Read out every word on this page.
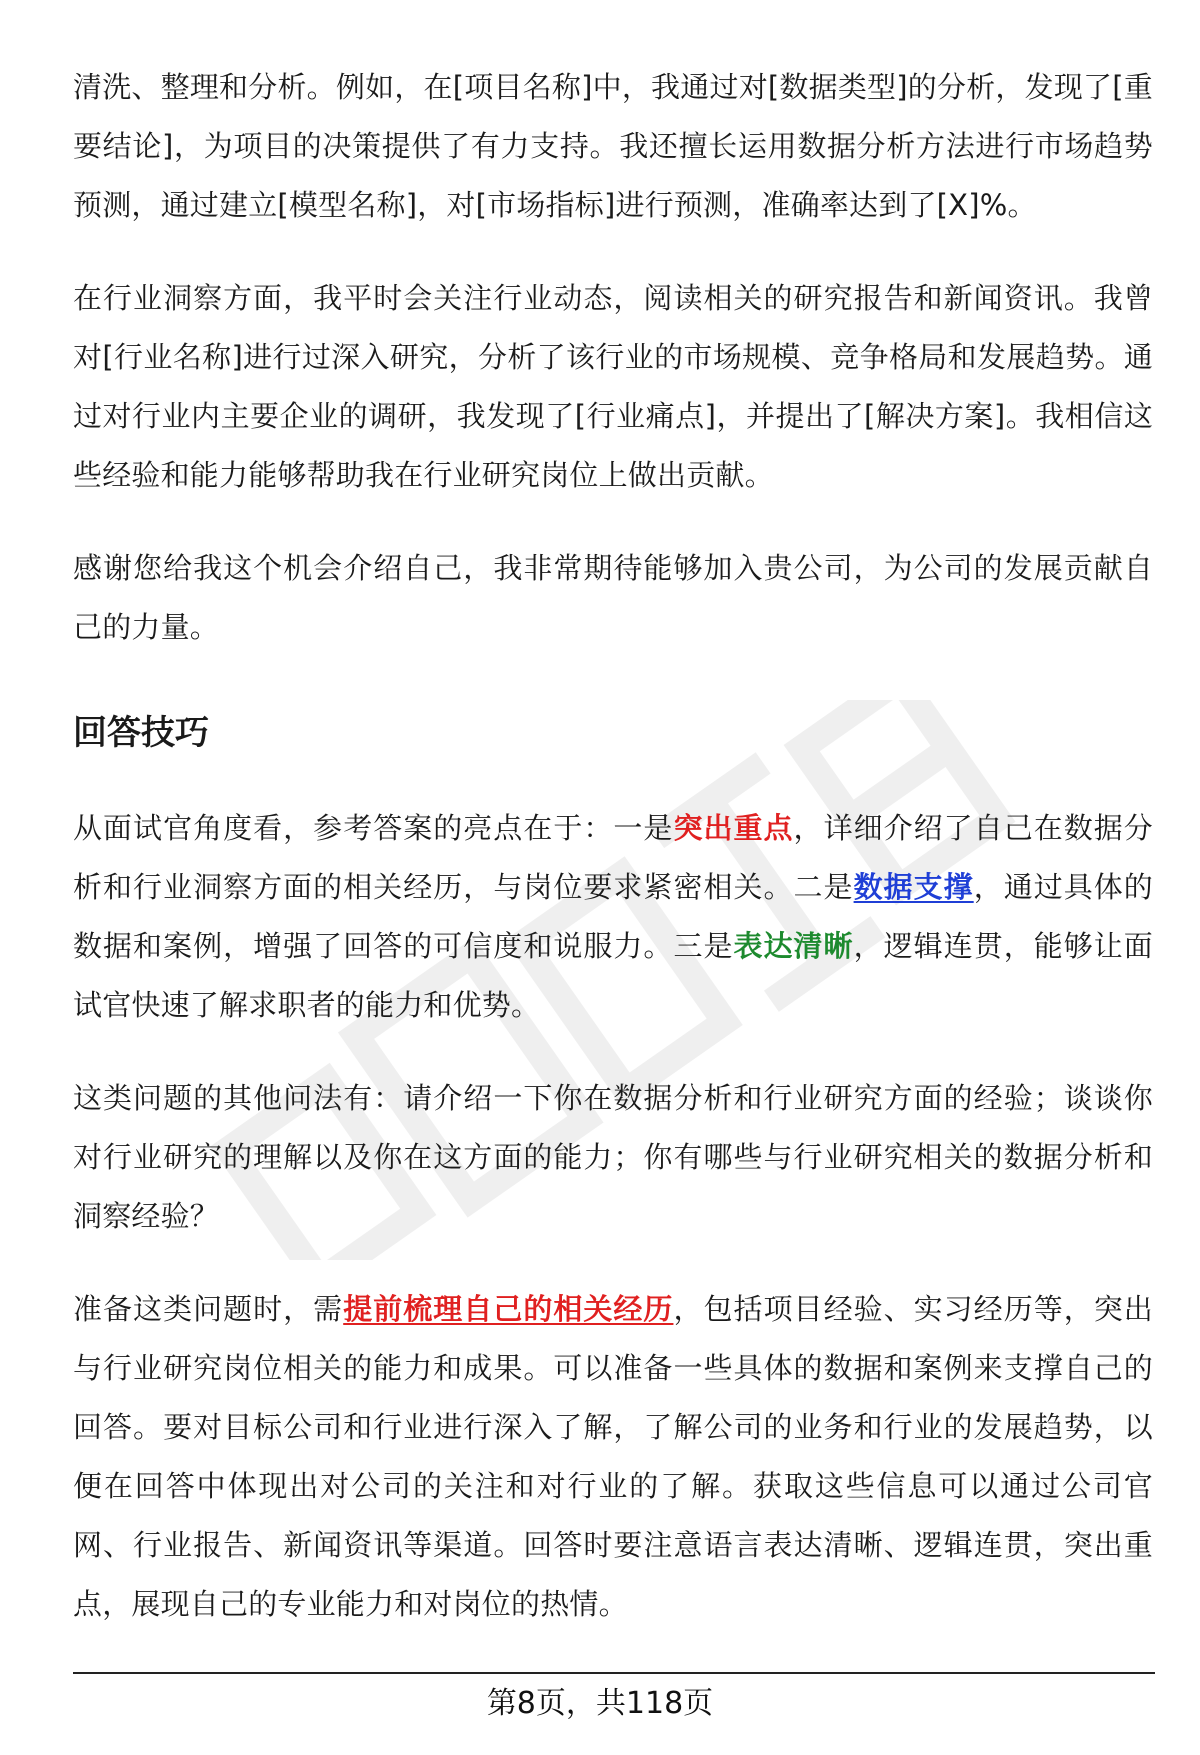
清洗、整理和分析。例如，在[项目名称]中，我通过对[数据类型]的分析，发现了[重要结论]，为项目的决策提供了有力支持。我还擅长运用数据分析方法进行市场趋势预测，通过建立[模型名称]，对[市场指标]进行预测，准确率达到了[X]%。

在行业洞察方面，我平时会关注行业动态，阅读相关的研究报告和新闻资讯。我曾对[行业名称]进行过深入研究，分析了该行业的市场规模、竞争格局和发展趋势。通过对行业内主要企业的调研，我发现了[行业痛点]，并提出了[解决方案]。我相信这些经验和能力能够帮助我在行业研究岗位上做出贡献。

感谢您给我这个机会介绍自己，我非常期待能够加入贵公司，为公司的发展贡献自己的力量。

回答技巧

从面试官角度看，参考答案的亮点在于：一是突出重点，详细介绍了自己在数据分析和行业洞察方面的相关经历，与岗位要求紧密相关。二是数据支撑，通过具体的数据和案例，增强了回答的可信度和说服力。三是表达清晰，逻辑连贯，能够让面试官快速了解求职者的能力和优势。

这类问题的其他问法有：请介绍一下你在数据分析和行业研究方面的经验；谈谈你对行业研究的理解以及你在这方面的能力；你有哪些与行业研究相关的数据分析和洞察经验？

准备这类问题时，需提前梳理自己的相关经历，包括项目经验、实习经历等，突出与行业研究岗位相关的能力和成果。可以准备一些具体的数据和案例来支撑自己的回答。要对目标公司和行业进行深入了解，了解公司的业务和行业的发展趋势，以便在回答中体现出对公司的关注和对行业的了解。获取这些信息可以通过公司官网、行业报告、新闻资讯等渠道。回答时要注意语言表达清晰、逻辑连贯，突出重点，展现自己的专业能力和对岗位的热情。

第8页，共118页
